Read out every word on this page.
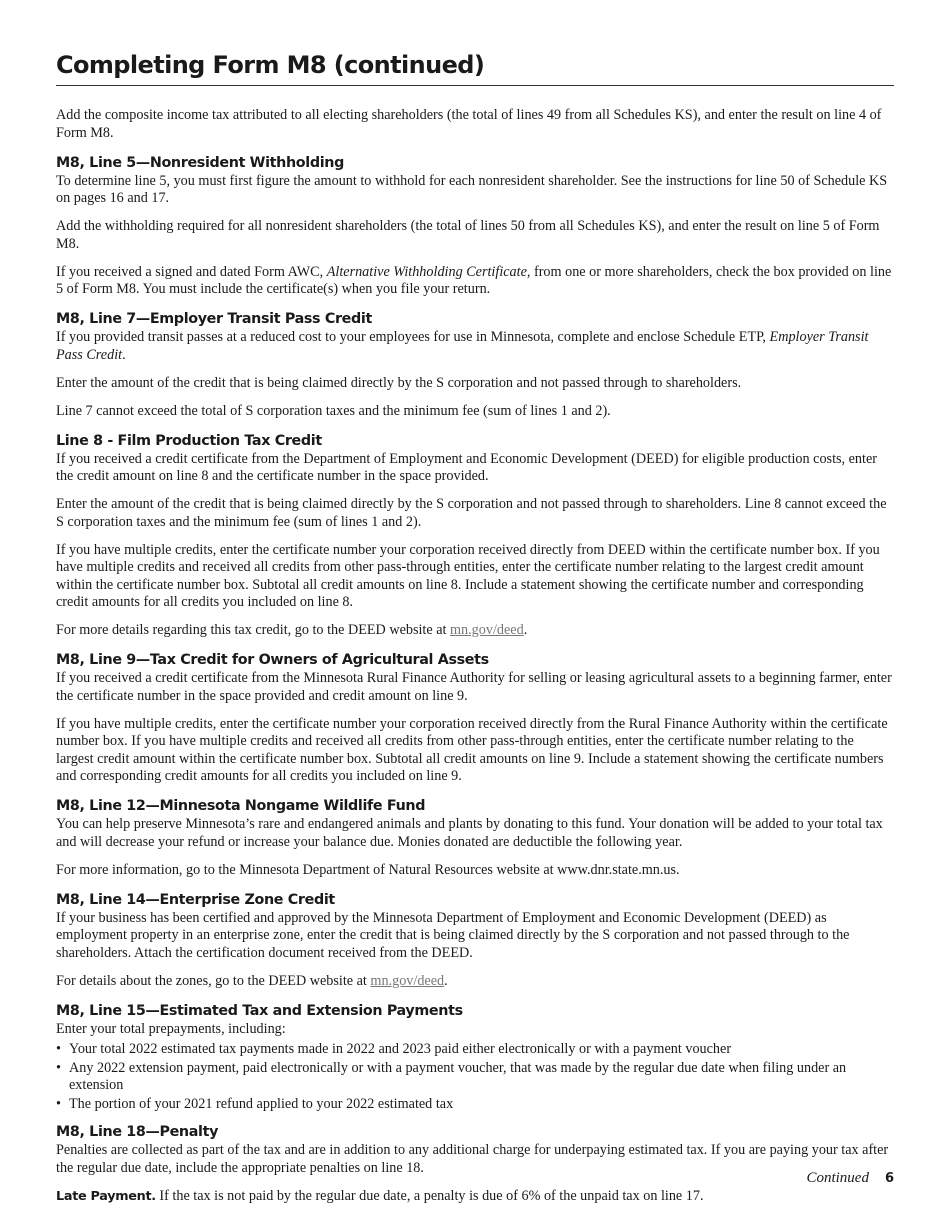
Completing Form M8 (continued)

Add the composite income tax attributed to all electing shareholders (the total of lines 49 from all Schedules KS), and enter the result on line 4 of Form M8.

M8, Line 5—Nonresident Withholding

To determine line 5, you must first figure the amount to withhold for each nonresident shareholder. See the instructions for line 50 of Schedule KS on pages 16 and 17.

Add the withholding required for all nonresident shareholders (the total of lines 50 from all Schedules KS), and enter the result on line 5 of Form M8.

If you received a signed and dated Form AWC, Alternative Withholding Certificate, from one or more shareholders, check the box provided on line 5 of Form M8. You must include the certificate(s) when you file your return.

M8, Line 7—Employer Transit Pass Credit

If you provided transit passes at a reduced cost to your employees for use in Minnesota, complete and enclose Schedule ETP, Employer Transit Pass Credit.

Enter the amount of the credit that is being claimed directly by the S corporation and not passed through to shareholders.

Line 7 cannot exceed the total of S corporation taxes and the minimum fee (sum of lines 1 and 2).

Line 8 - Film Production Tax Credit

If you received a credit certificate from the Department of Employment and Economic Development (DEED) for eligible production costs, enter the credit amount on line 8 and the certificate number in the space provided.

Enter the amount of the credit that is being claimed directly by the S corporation and not passed through to shareholders. Line 8 cannot exceed the S corporation taxes and the minimum fee (sum of lines 1 and 2).

If you have multiple credits, enter the certificate number your corporation received directly from DEED within the certificate number box. If you have multiple credits and received all credits from other pass-through entities, enter the certificate number relating to the largest credit amount within the certificate number box. Subtotal all credit amounts on line 8. Include a statement showing the certificate number and corresponding credit amounts for all credits you included on line 8.

For more details regarding this tax credit, go to the DEED website at mn.gov/deed.

M8, Line 9—Tax Credit for Owners of Agricultural Assets

If you received a credit certificate from the Minnesota Rural Finance Authority for selling or leasing agricultural assets to a beginning farmer, enter the certificate number in the space provided and credit amount on line 9.

If you have multiple credits, enter the certificate number your corporation received directly from the Rural Finance Authority within the certificate number box. If you have multiple credits and received all credits from other pass-through entities, enter the certificate number relating to the largest credit amount within the certificate number box. Subtotal all credit amounts on line 9. Include a statement showing the certificate numbers and corresponding credit amounts for all credits you included on line 9.

M8, Line 12—Minnesota Nongame Wildlife Fund

You can help preserve Minnesota’s rare and endangered animals and plants by donating to this fund. Your donation will be added to your total tax and will decrease your refund or increase your balance due. Monies donated are deductible the following year.

For more information, go to the Minnesota Department of Natural Resources website at www.dnr.state.mn.us.

M8, Line 14—Enterprise Zone Credit

If your business has been certified and approved by the Minnesota Department of Employment and Economic Development (DEED) as employment property in an enterprise zone, enter the credit that is being claimed directly by the S corporation and not passed through to the shareholders. Attach the certification document received from the DEED.

For details about the zones, go to the DEED website at mn.gov/deed.

M8, Line 15—Estimated Tax and Extension Payments

Enter your total prepayments, including:

• Your total 2022 estimated tax payments made in 2022 and 2023 paid either electronically or with a payment voucher
• Any 2022 extension payment, paid electronically or with a payment voucher, that was made by the regular due date when filing under an extension
• The portion of your 2021 refund applied to your 2022 estimated tax
M8, Line 18—Penalty

Penalties are collected as part of the tax and are in addition to any additional charge for underpaying estimated tax. If you are paying your tax after the regular due date, include the appropriate penalties on line 18.

Late Payment. If the tax is not paid by the regular due date, a penalty is due of 6% of the unpaid tax on line 17.

Continued 6
